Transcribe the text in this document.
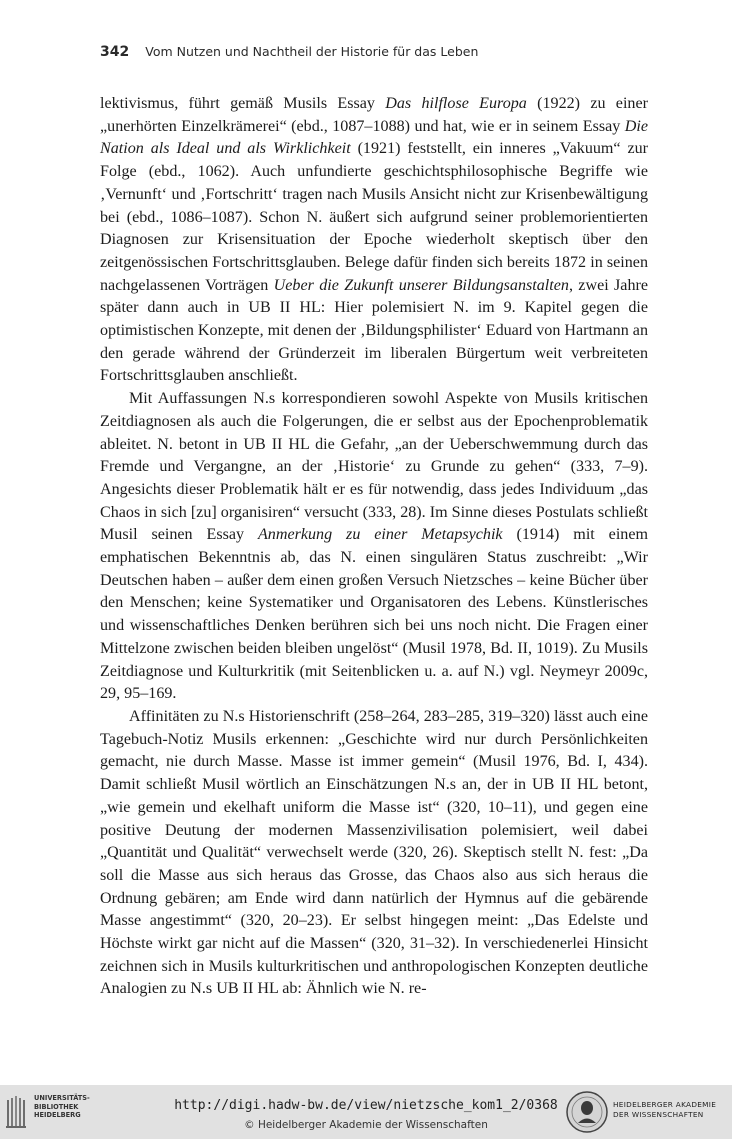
342 Vom Nutzen und Nachtheil der Historie für das Leben

lektivismus, führt gemäß Musils Essay Das hilflose Europa (1922) zu einer „unerhörten Einzelkrämerei“ (ebd., 1087–1088) und hat, wie er in seinem Essay Die Nation als Ideal und als Wirklichkeit (1921) feststellt, ein inneres „Vakuum“ zur Folge (ebd., 1062). Auch unfundierte geschichtsphilosophische Begriffe wie ‚Vernunft‘ und ‚Fortschritt‘ tragen nach Musils Ansicht nicht zur Krisenbewältigung bei (ebd., 1086–1087). Schon N. äußert sich aufgrund seiner problemorientierten Diagnosen zur Krisensituation der Epoche wiederholt skeptisch über den zeitgenössischen Fortschrittsglauben. Belege dafür finden sich bereits 1872 in seinen nachgelassenen Vorträgen Ueber die Zukunft unserer Bildungsanstalten, zwei Jahre später dann auch in UB II HL: Hier polemisiert N. im 9. Kapitel gegen die optimistischen Konzepte, mit denen der ‚Bildungsphilister‘ Eduard von Hartmann an den gerade während der Gründerzeit im liberalen Bürgertum weit verbreiteten Fortschrittsglauben anschließt.

Mit Auffassungen N.s korrespondieren sowohl Aspekte von Musils kritischen Zeitdiagnosen als auch die Folgerungen, die er selbst aus der Epochenproblematik ableitet. N. betont in UB II HL die Gefahr, „an der Ueberschwemmung durch das Fremde und Vergangne, an der ‚Historie‘ zu Grunde zu gehen“ (333, 7–9). Angesichts dieser Problematik hält er es für notwendig, dass jedes Individuum „das Chaos in sich [zu] organisiren“ versucht (333, 28). Im Sinne dieses Postulats schließt Musil seinen Essay Anmerkung zu einer Metapsychik (1914) mit einem emphatischen Bekenntnis ab, das N. einen singulären Status zuschreibt: „Wir Deutschen haben – außer dem einen großen Versuch Nietzsches – keine Bücher über den Menschen; keine Systematiker und Organisatoren des Lebens. Künstlerisches und wissenschaftliches Denken berühren sich bei uns noch nicht. Die Fragen einer Mittelzone zwischen beiden bleiben ungelöst“ (Musil 1978, Bd. II, 1019). Zu Musils Zeitdiagnose und Kulturkritik (mit Seitenblicken u. a. auf N.) vgl. Neymeyr 2009c, 29, 95–169.

Affinitäten zu N.s Historienschrift (258–264, 283–285, 319–320) lässt auch eine Tagebuch-Notiz Musils erkennen: „Geschichte wird nur durch Persönlichkeiten gemacht, nie durch Masse. Masse ist immer gemein“ (Musil 1976, Bd. I, 434). Damit schließt Musil wörtlich an Einschätzungen N.s an, der in UB II HL betont, „wie gemein und ekelhaft uniform die Masse ist“ (320, 10–11), und gegen eine positive Deutung der modernen Massenzivilisation polemisiert, weil dabei „Quantität und Qualität“ verwechselt werde (320, 26). Skeptisch stellt N. fest: „Da soll die Masse aus sich heraus das Grosse, das Chaos also aus sich heraus die Ordnung gebären; am Ende wird dann natürlich der Hymnus auf die gebärende Masse angestimmt“ (320, 20–23). Er selbst hingegen meint: „Das Edelste und Höchste wirkt gar nicht auf die Massen“ (320, 31–32). In verschiedenerlei Hinsicht zeichnen sich in Musils kulturkritischen und anthropologischen Konzepten deutliche Analogien zu N.s UB II HL ab: Ähnlich wie N. re-

UNIVERSITÄTS-
BIBLIOTHEK
HEIDELBERG
http://digi.hadw-bw.de/view/nietzsche_kom1_2/0368
© Heidelberger Akademie der Wissenschaften
HEIDELBERGER AKADEMIE
DER WISSENSCHAFTEN
